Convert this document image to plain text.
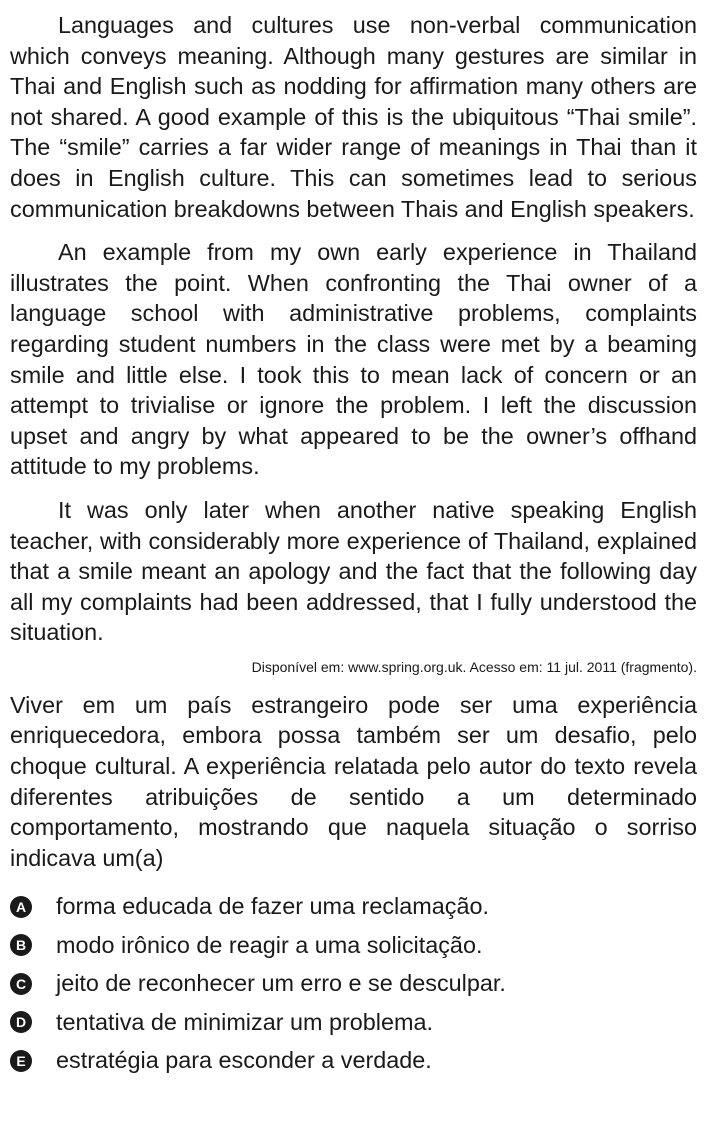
Languages and cultures use non-verbal communication which conveys meaning. Although many gestures are similar in Thai and English such as nodding for affirmation many others are not shared. A good example of this is the ubiquitous “Thai smile”. The “smile” carries a far wider range of meanings in Thai than it does in English culture. This can sometimes lead to serious communication breakdowns between Thais and English speakers.

An example from my own early experience in Thailand illustrates the point. When confronting the Thai owner of a language school with administrative problems, complaints regarding student numbers in the class were met by a beaming smile and little else. I took this to mean lack of concern or an attempt to trivialise or ignore the problem. I left the discussion upset and angry by what appeared to be the owner’s offhand attitude to my problems.

It was only later when another native speaking English teacher, with considerably more experience of Thailand, explained that a smile meant an apology and the fact that the following day all my complaints had been addressed, that I fully understood the situation.

Disponível em: www.spring.org.uk. Acesso em: 11 jul. 2011 (fragmento).
Viver em um país estrangeiro pode ser uma experiência enriquecedora, embora possa também ser um desafio, pelo choque cultural. A experiência relatada pelo autor do texto revela diferentes atribuições de sentido a um determinado comportamento, mostrando que naquela situação o sorriso indicava um(a)
A forma educada de fazer uma reclamação.
B modo irônico de reagir a uma solicitação.
C jeito de reconhecer um erro e se desculpar.
D tentativa de minimizar um problema.
E estratégia para esconder a verdade.
